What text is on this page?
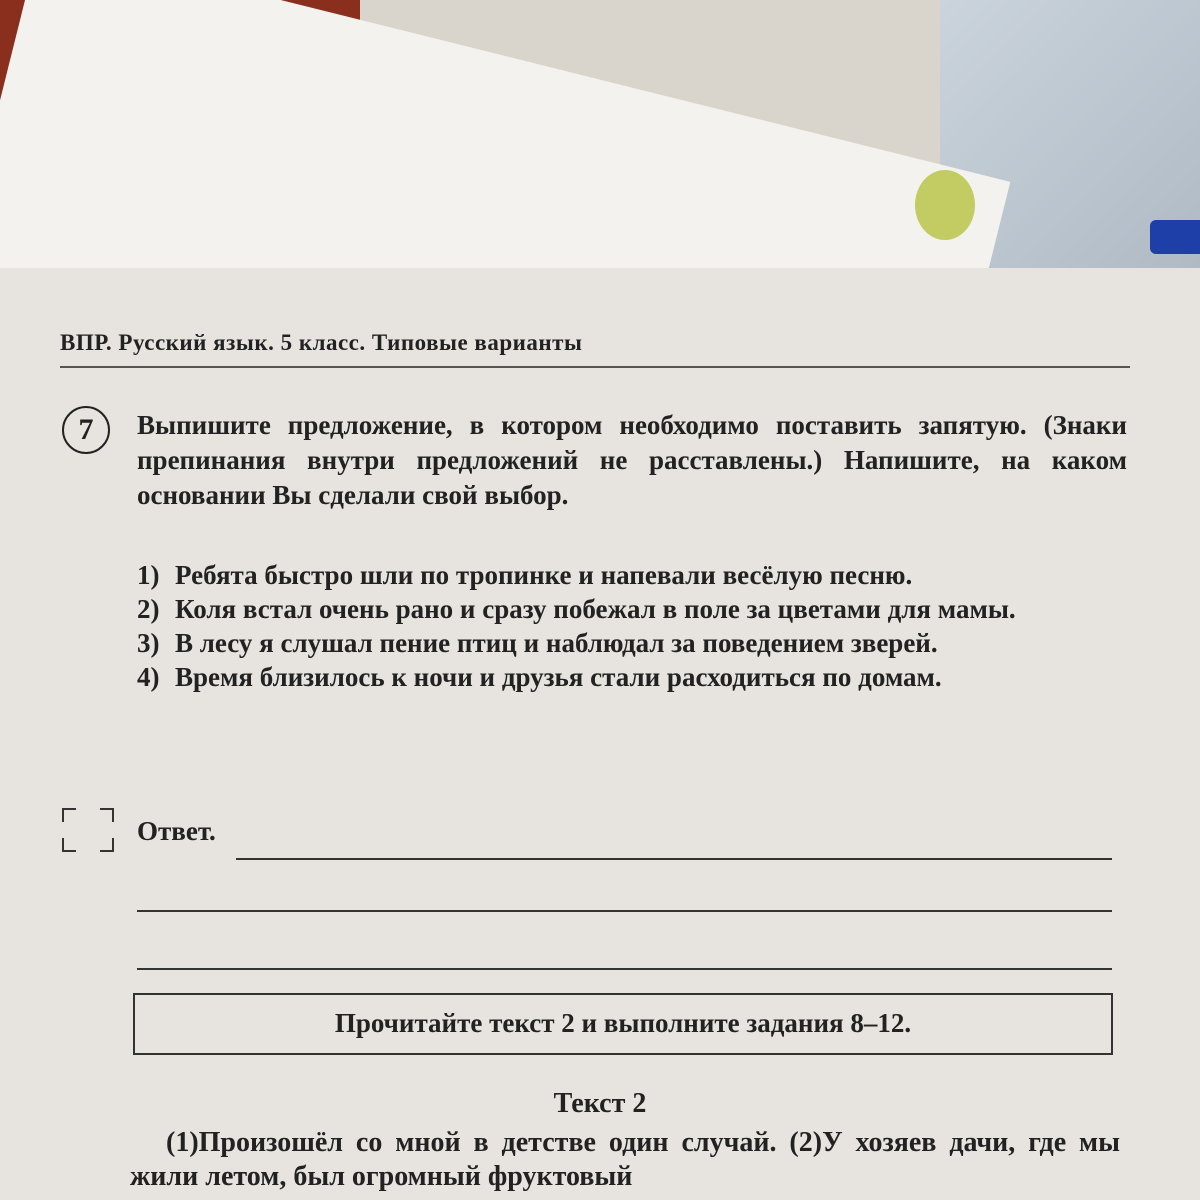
ВПР. Русский язык. 5 класс. Типовые варианты
7	Выпишите предложение, в котором необходимо поставить запятую. (Знаки препинания внутри предложений не расставлены.) Напишите, на каком основании Вы сделали свой выбор.
1) Ребята быстро шли по тропинке и напевали весёлую песню.
2) Коля встал очень рано и сразу побежал в поле за цветами для мамы.
3) В лесу я слушал пение птиц и наблюдал за поведением зверей.
4) Время близилось к ночи и друзья стали расходиться по домам.
Ответ.
Прочитайте текст 2 и выполните задания 8–12.
Текст 2
(1)Произошёл со мной в детстве один случай. (2)У хозяев дачи, где мы жили летом, был огромный фруктовый
